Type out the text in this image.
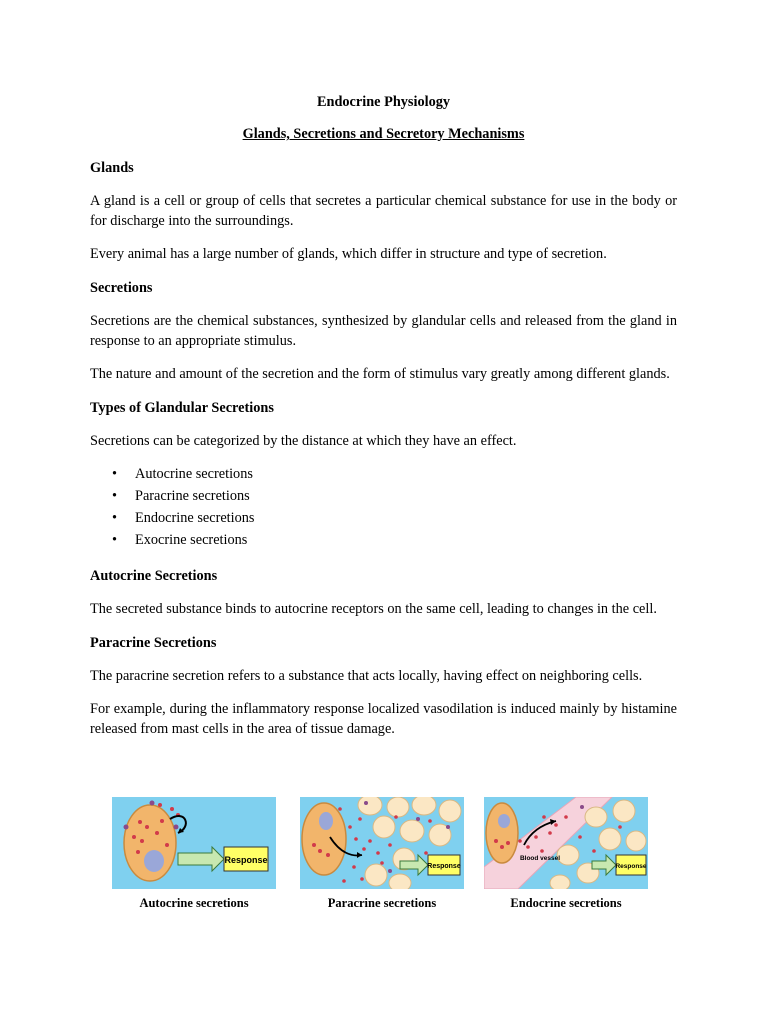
Endocrine Physiology

Glands, Secretions and Secretory Mechanisms

Glands

A gland is a cell or group of cells that secretes a particular chemical substance for use in the body or for discharge into the surroundings.

Every animal has a large number of glands, which differ in structure and type of secretion.

Secretions

Secretions are the chemical substances, synthesized by glandular cells and released from the gland in response to an appropriate stimulus.

The nature and amount of the secretion and the form of stimulus vary greatly among different glands.

Types of Glandular Secretions

Secretions can be categorized by the distance at which they have an effect.

• Autocrine secretions
• Paracrine secretions
• Endocrine secretions
• Exocrine secretions
Autocrine Secretions

The secreted substance binds to autocrine receptors on the same cell, leading to changes in the cell.

Paracrine Secretions

The paracrine secretion refers to a substance that acts locally, having effect on neighboring cells.

For example, during the inflammatory response localized vasodilation is induced mainly by histamine released from mast cells in the area of tissue damage.

Response
Autocrine secretions
Response
Paracrine secretions
Blood vessel
Response
Endocrine secretions
